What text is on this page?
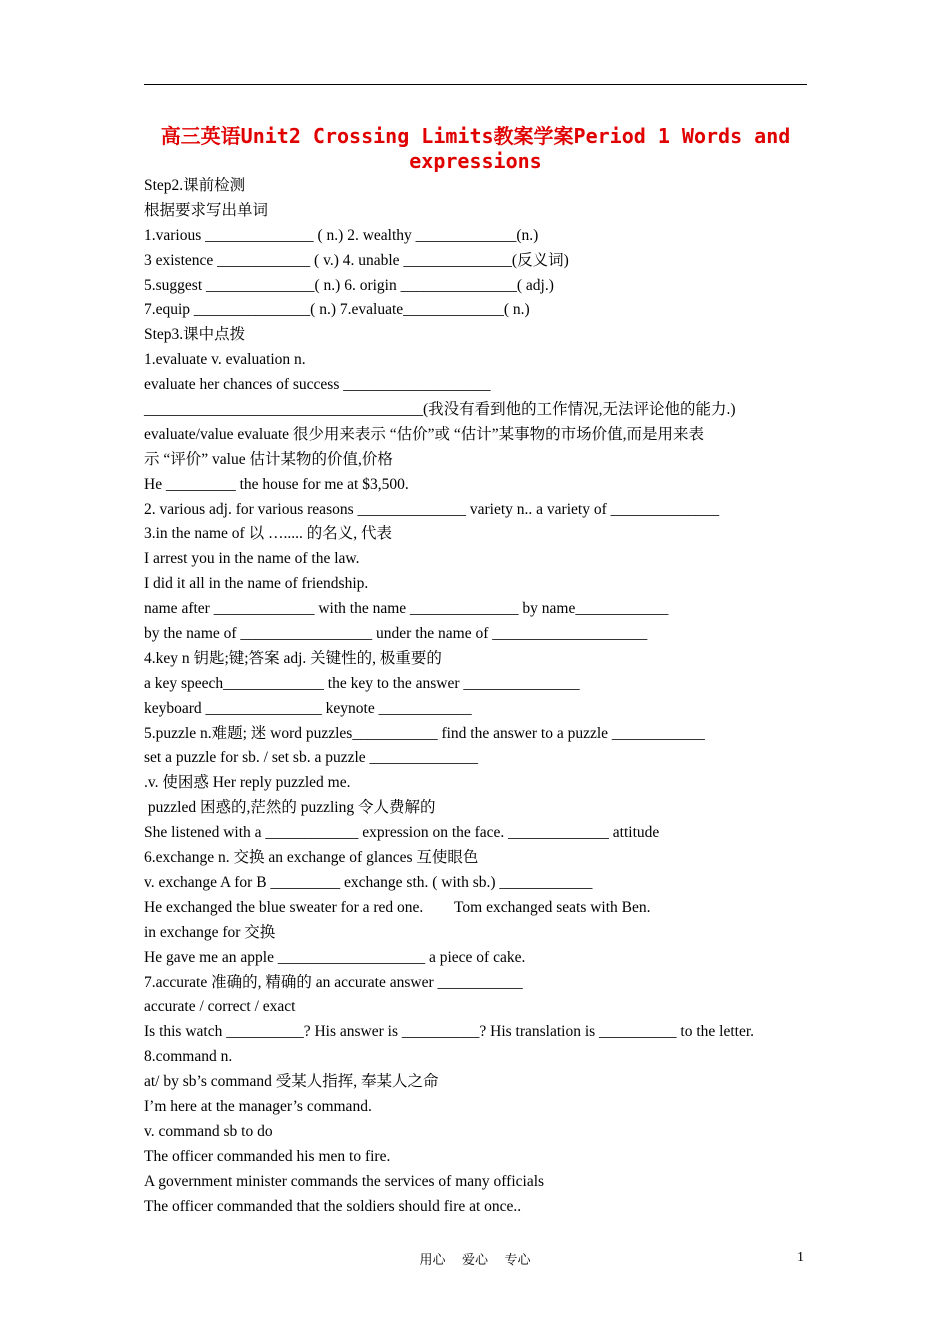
高三英语Unit2 Crossing Limits教案学案Period 1 Words and expressions
Step2.课前检测
根据要求写出单词
1.various ______________ ( n.) 2. wealthy _____________(n.)
3 existence ____________ ( v.) 4. unable ______________(反义词)
5.suggest ______________( n.) 6. origin _______________( adj.)
7.equip _______________( n.) 7.evaluate_____________( n.)
Step3.课中点拨
1.evaluate v. evaluation n.
evaluate her chances of success ___________________
____________________________________(我没有看到他的工作情况,无法评论他的能力.)
evaluate/value evaluate 很少用来表示 “估价”或 “估计”某事物的市场价值,而是用来表
示 “评价” value 估计某物的价值,价格
He _________ the house for me at $3,500.
2. various adj. for various reasons ______________ variety n.. a variety of ______________
3.in the name of 以 …..... 的名义, 代表
I arrest you in the name of the law.
I did it all in the name of friendship.
name after _____________ with the name ______________ by name____________
by the name of _________________ under the name of ____________________
4.key n 钥匙;键;答案 adj. 关键性的, 极重要的
a key speech_____________ the key to the answer _______________
keyboard _______________ keynote ____________
5.puzzle n.难题; 迷 word puzzles___________ find the answer to a puzzle ____________
set a puzzle for sb. / set sb. a puzzle ______________
.v. 使困惑 Her reply puzzled me.
puzzled 困惑的,茫然的 puzzling 令人费解的
She listened with a ____________ expression on the face. _____________ attitude
6.exchange n. 交换 an exchange of glances 互使眼色
v. exchange A for B _________ exchange sth. ( with sb.) ____________
He exchanged the blue sweater for a red one.        Tom exchanged seats with Ben.
in exchange for 交换
He gave me an apple ___________________ a piece of cake.
7.accurate 准确的, 精确的 an accurate answer ___________
accurate / correct / exact
Is this watch __________? His answer is __________? His translation is __________ to the letter.
8.command n.
at/ by sb’s command 受某人指挥, 奉某人之命
I’m here at the manager’s command.
v. command sb to do
The officer commanded his men to fire.
A government minister commands the services of many officials
The officer commanded that the soldiers should fire at once..
用心    爱心    专心	1
